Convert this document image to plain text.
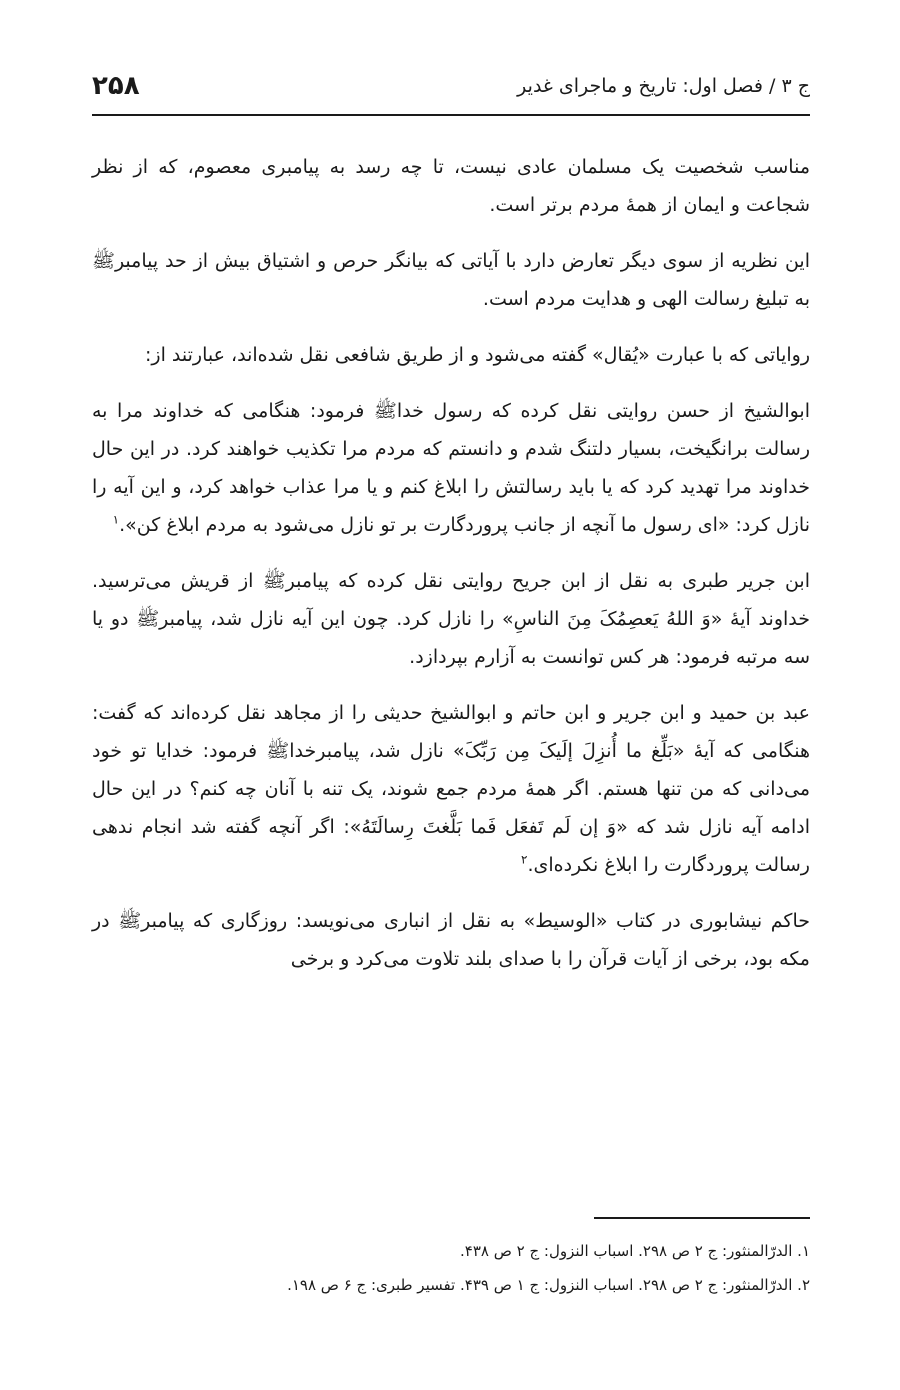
ج ۳ / فصل اول: تاریخ و ماجرای غدیر
۲۵۸

مناسب شخصیت یک مسلمان عادی نیست، تا چه رسد به پیامبری معصوم، که از نظر شجاعت و ایمان از همهٔ مردم برتر است.

این نظریه از سوی دیگر تعارض دارد با آیاتی که بیانگر حرص و اشتیاق بیش از حد پیامبرﷺ به تبلیغ رسالت الهی و هدایت مردم است.

روایاتی که با عبارت «یُقال» گفته می‌شود و از طریق شافعی نقل شده‌اند، عبارتند از:

ابوالشیخ از حسن روایتی نقل کرده که رسول خداﷺ فرمود: هنگامی که خداوند مرا به رسالت برانگیخت، بسیار دلتنگ شدم و دانستم که مردم مرا تکذیب خواهند کرد. در این حال خداوند مرا تهدید کرد که یا باید رسالتش را ابلاغ کنم و یا مرا عذاب خواهد کرد، و این آیه را نازل کرد: «ای رسول ما آنچه از جانب پروردگارت بر تو نازل می‌شود به مردم ابلاغ کن».$^۱$

ابن جریر طبری به نقل از ابن جریح روایتی نقل کرده که پیامبرﷺ از قریش می‌ترسید. خداوند آیهٔ «وَ اللهُ یَعصِمُکَ مِنَ الناسِ» را نازل کرد. چون این آیه نازل شد، پیامبرﷺ دو یا سه مرتبه فرمود: هر کس توانست به آزارم بپردازد.

عبد بن حمید و ابن جریر و ابن حاتم و ابوالشیخ حدیثی را از مجاهد نقل کرده‌اند که گفت: هنگامی که آیهٔ «بَلِّغ ما أُنزِلَ إلَیکَ مِن رَبِّکَ» نازل شد، پیامبرخداﷺ فرمود: خدایا تو خود می‌دانی که من تنها هستم. اگر همهٔ مردم جمع شوند، یک تنه با آنان چه کنم؟ در این حال ادامه آیه نازل شد که «وَ إن لَم تَفعَل فَما بَلَّغتَ رِسالَتَهُ»: اگر آنچه گفته شد انجام ندهی رسالت پروردگارت را ابلاغ نکرده‌ای.$^۲$

حاکم نیشابوری در کتاب «الوسیط» به نقل از انباری می‌نویسد: روزگاری که پیامبرﷺ در مکه بود، برخی از آیات قرآن را با صدای بلند تلاوت می‌کرد و برخی

۱. الدرّالمنثور: ج ۲ ص ۲۹۸. اسباب النزول: ج ۲ ص ۴۳۸.

۲. الدرّالمنثور: ج ۲ ص ۲۹۸. اسباب النزول: ج ۱ ص ۴۳۹. تفسیر طبری: ج ۶ ص ۱۹۸.
